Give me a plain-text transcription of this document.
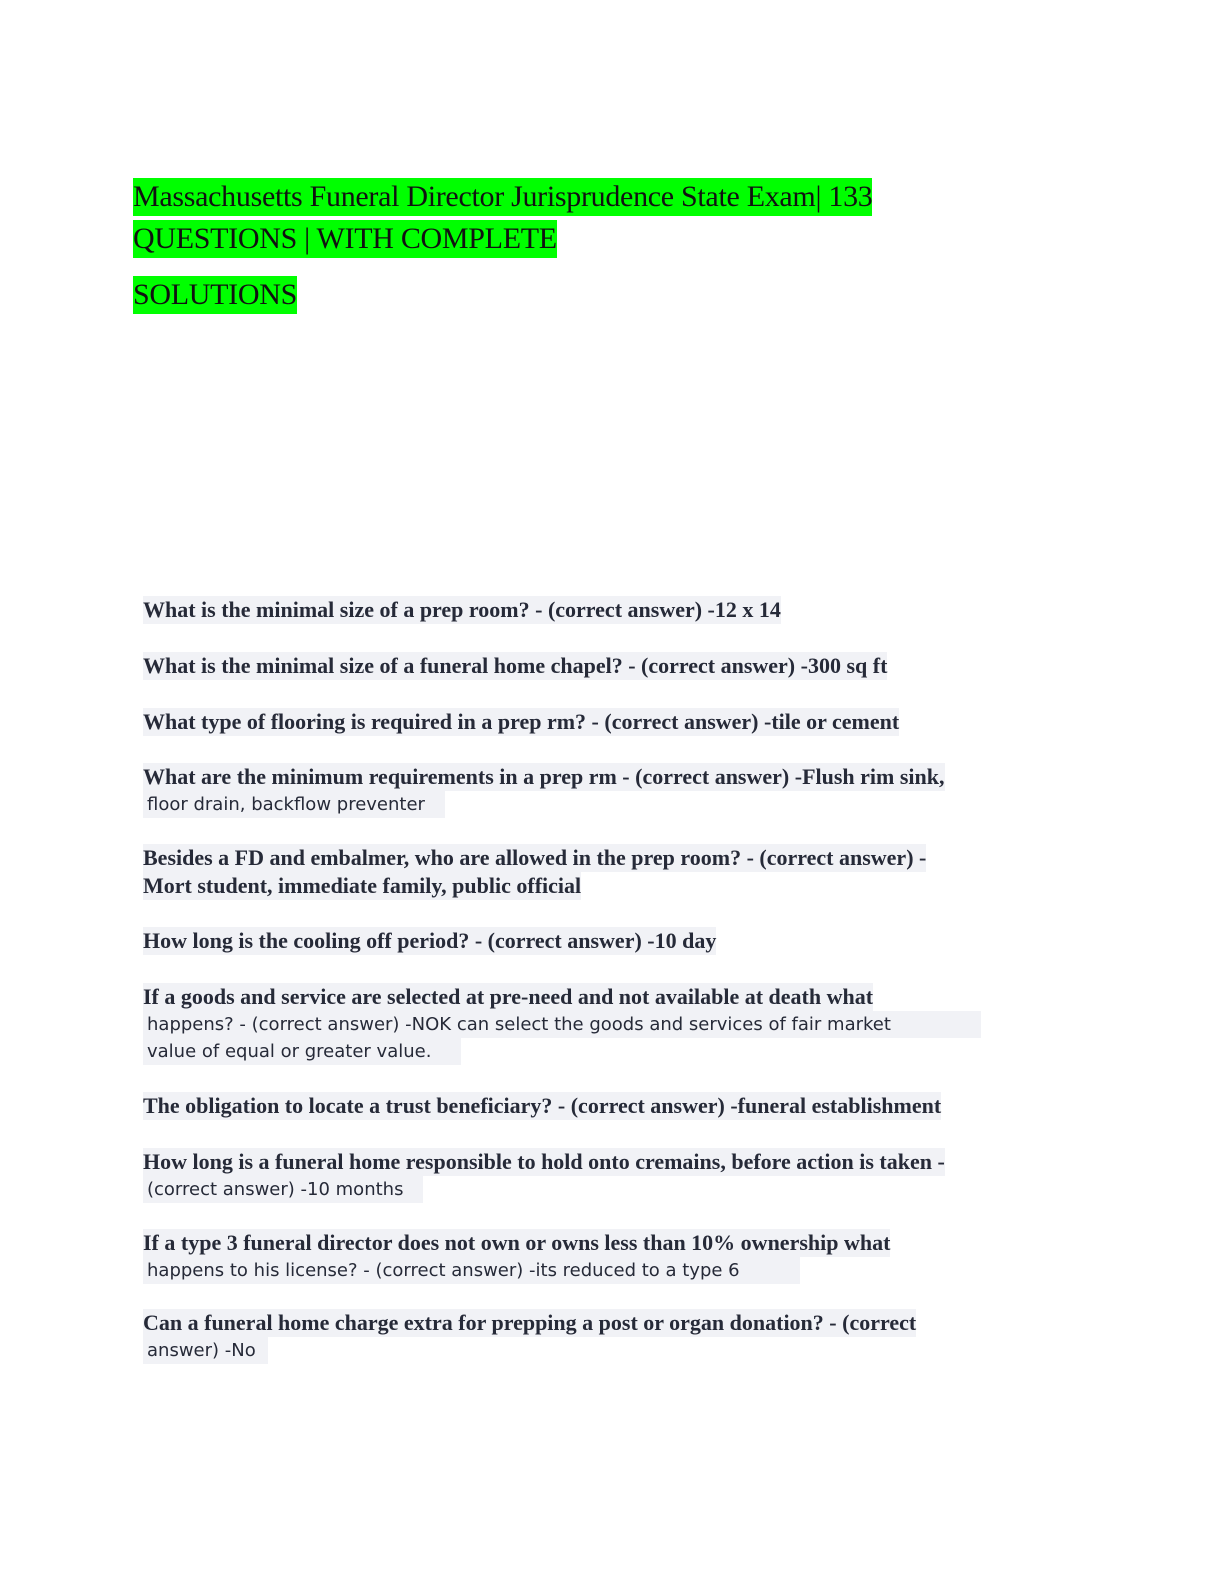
Massachusetts Funeral Director Jurisprudence State Exam| 133
QUESTIONS | WITH COMPLETE
SOLUTIONS
What is the minimal size of a prep room? - (correct answer) -12 x 14
What is the minimal size of a funeral home chapel? - (correct answer) -300 sq ft
What type of flooring is required in a prep rm? - (correct answer) -tile or cement
What are the minimum requirements in a prep rm - (correct answer) -Flush rim sink,
floor drain, backflow preventer
Besides a FD and embalmer, who are allowed in the prep room? - (correct answer) -
Mort student, immediate family, public official
How long is the cooling off period? - (correct answer) -10 day
If a goods and service are selected at pre-need and not available at death what
happens? - (correct answer) -NOK can select the goods and services of fair market
value of equal or greater value.
The obligation to locate a trust beneficiary? - (correct answer) -funeral establishment
How long is a funeral home responsible to hold onto cremains, before action is taken -
(correct answer) -10 months
If a type 3 funeral director does not own or owns less than 10% ownership what
happens to his license? - (correct answer) -its reduced to a type 6
Can a funeral home charge extra for prepping a post or organ donation? - (correct
answer) -No
